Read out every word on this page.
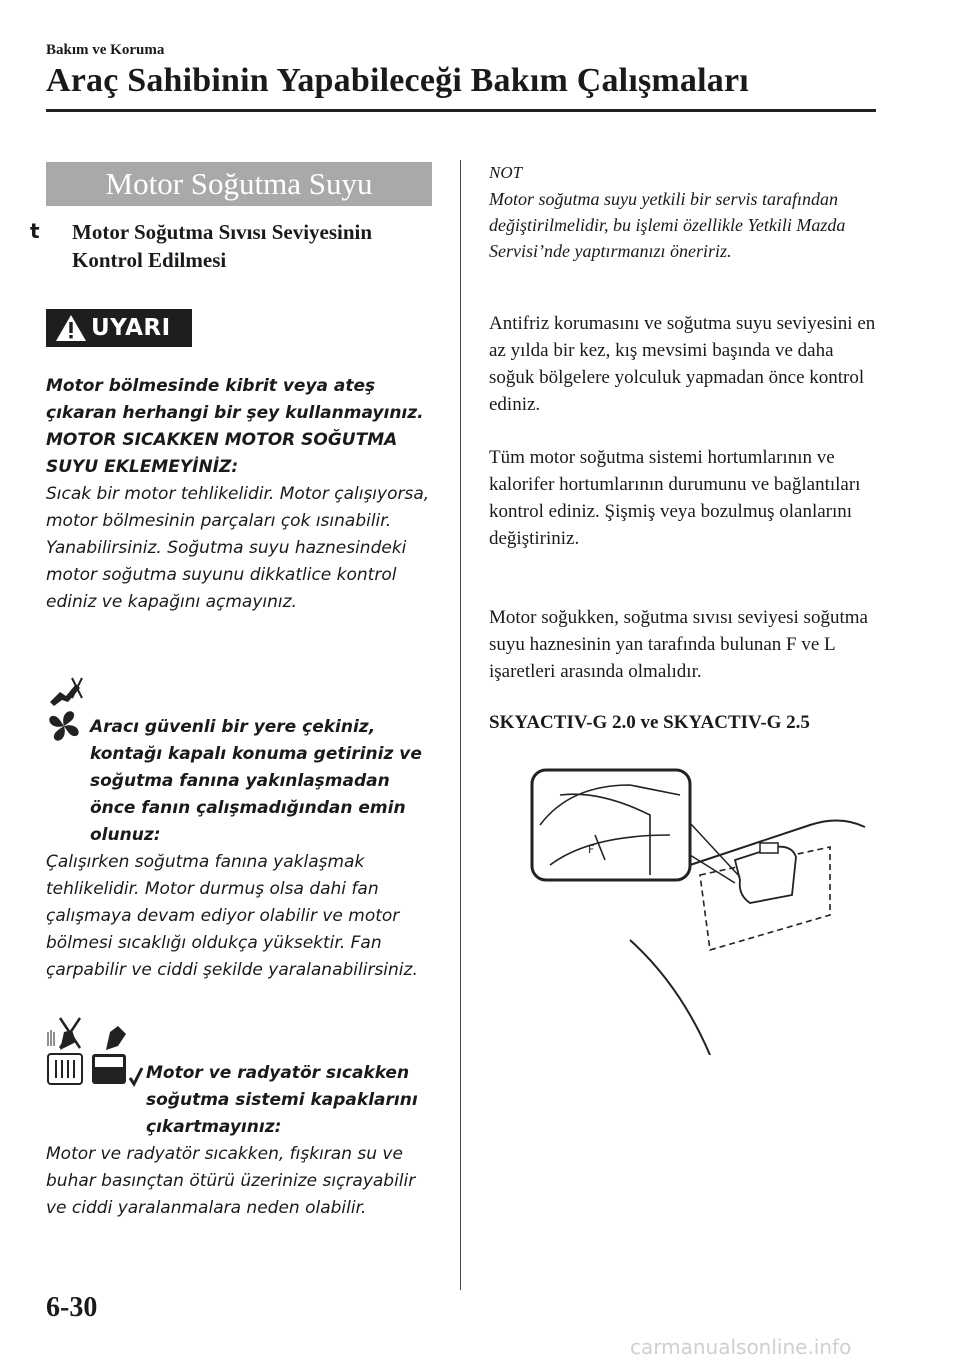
Bakım ve Koruma
Araç Sahibinin Yapabileceği Bakım Çalışmaları
Motor Soğutma Suyu
t Motor Soğutma Sıvısı Seviyesinin Kontrol Edilmesi
UYARI
Motor bölmesinde kibrit veya ateş çıkaran herhangi bir şey kullanmayınız. MOTOR SICAKKEN MOTOR SOĞUTMA SUYU EKLEMEYİNİZ:
Sıcak bir motor tehlikelidir. Motor çalışıyorsa, motor bölmesinin parçaları çok ısınabilir. Yanabilirsiniz. Soğutma suyu haznesindeki motor soğutma suyunu dikkatlice kontrol ediniz ve kapağını açmayınız.
Aracı güvenli bir yere çekiniz, kontağı kapalı konuma getiriniz ve soğutma fanına yakınlaşmadan önce fanın çalışmadığından emin olunuz:
Çalışırken soğutma fanına yaklaşmak tehlikelidir. Motor durmuş olsa dahi fan çalışmaya devam ediyor olabilir ve motor bölmesi sıcaklığı oldukça yüksektir. Fan çarpabilir ve ciddi şekilde yaralanabilirsiniz.
Motor ve radyatör sıcakken soğutma sistemi kapaklarını çıkartmayınız:
Motor ve radyatör sıcakken, fışkıran su ve buhar basınçtan ötürü üzerinize sıçrayabilir ve ciddi yaralanmalara neden olabilir.
NOT
Motor soğutma suyu yetkili bir servis tarafından değiştirilmelidir, bu işlemi özellikle Yetkili Mazda Servisi’nde yaptırmanızı öneririz.
Antifriz korumasını ve soğutma suyu seviyesini en az yılda bir kez, kış mevsimi başında ve daha soğuk bölgelere yolculuk yapmadan önce kontrol ediniz.
Tüm motor soğutma sistemi hortumlarının ve kalorifer hortumlarının durumunu ve bağlantıları kontrol ediniz. Şişmiş veya bozulmuş olanlarını değiştiriniz.
Motor soğukken, soğutma sıvısı seviyesi soğutma suyu haznesinin yan tarafında bulunan F ve L işaretleri arasında olmalıdır.
SKYACTIV-G 2.0 ve SKYACTIV-G 2.5
F
6-30
carmanualsonline.info
